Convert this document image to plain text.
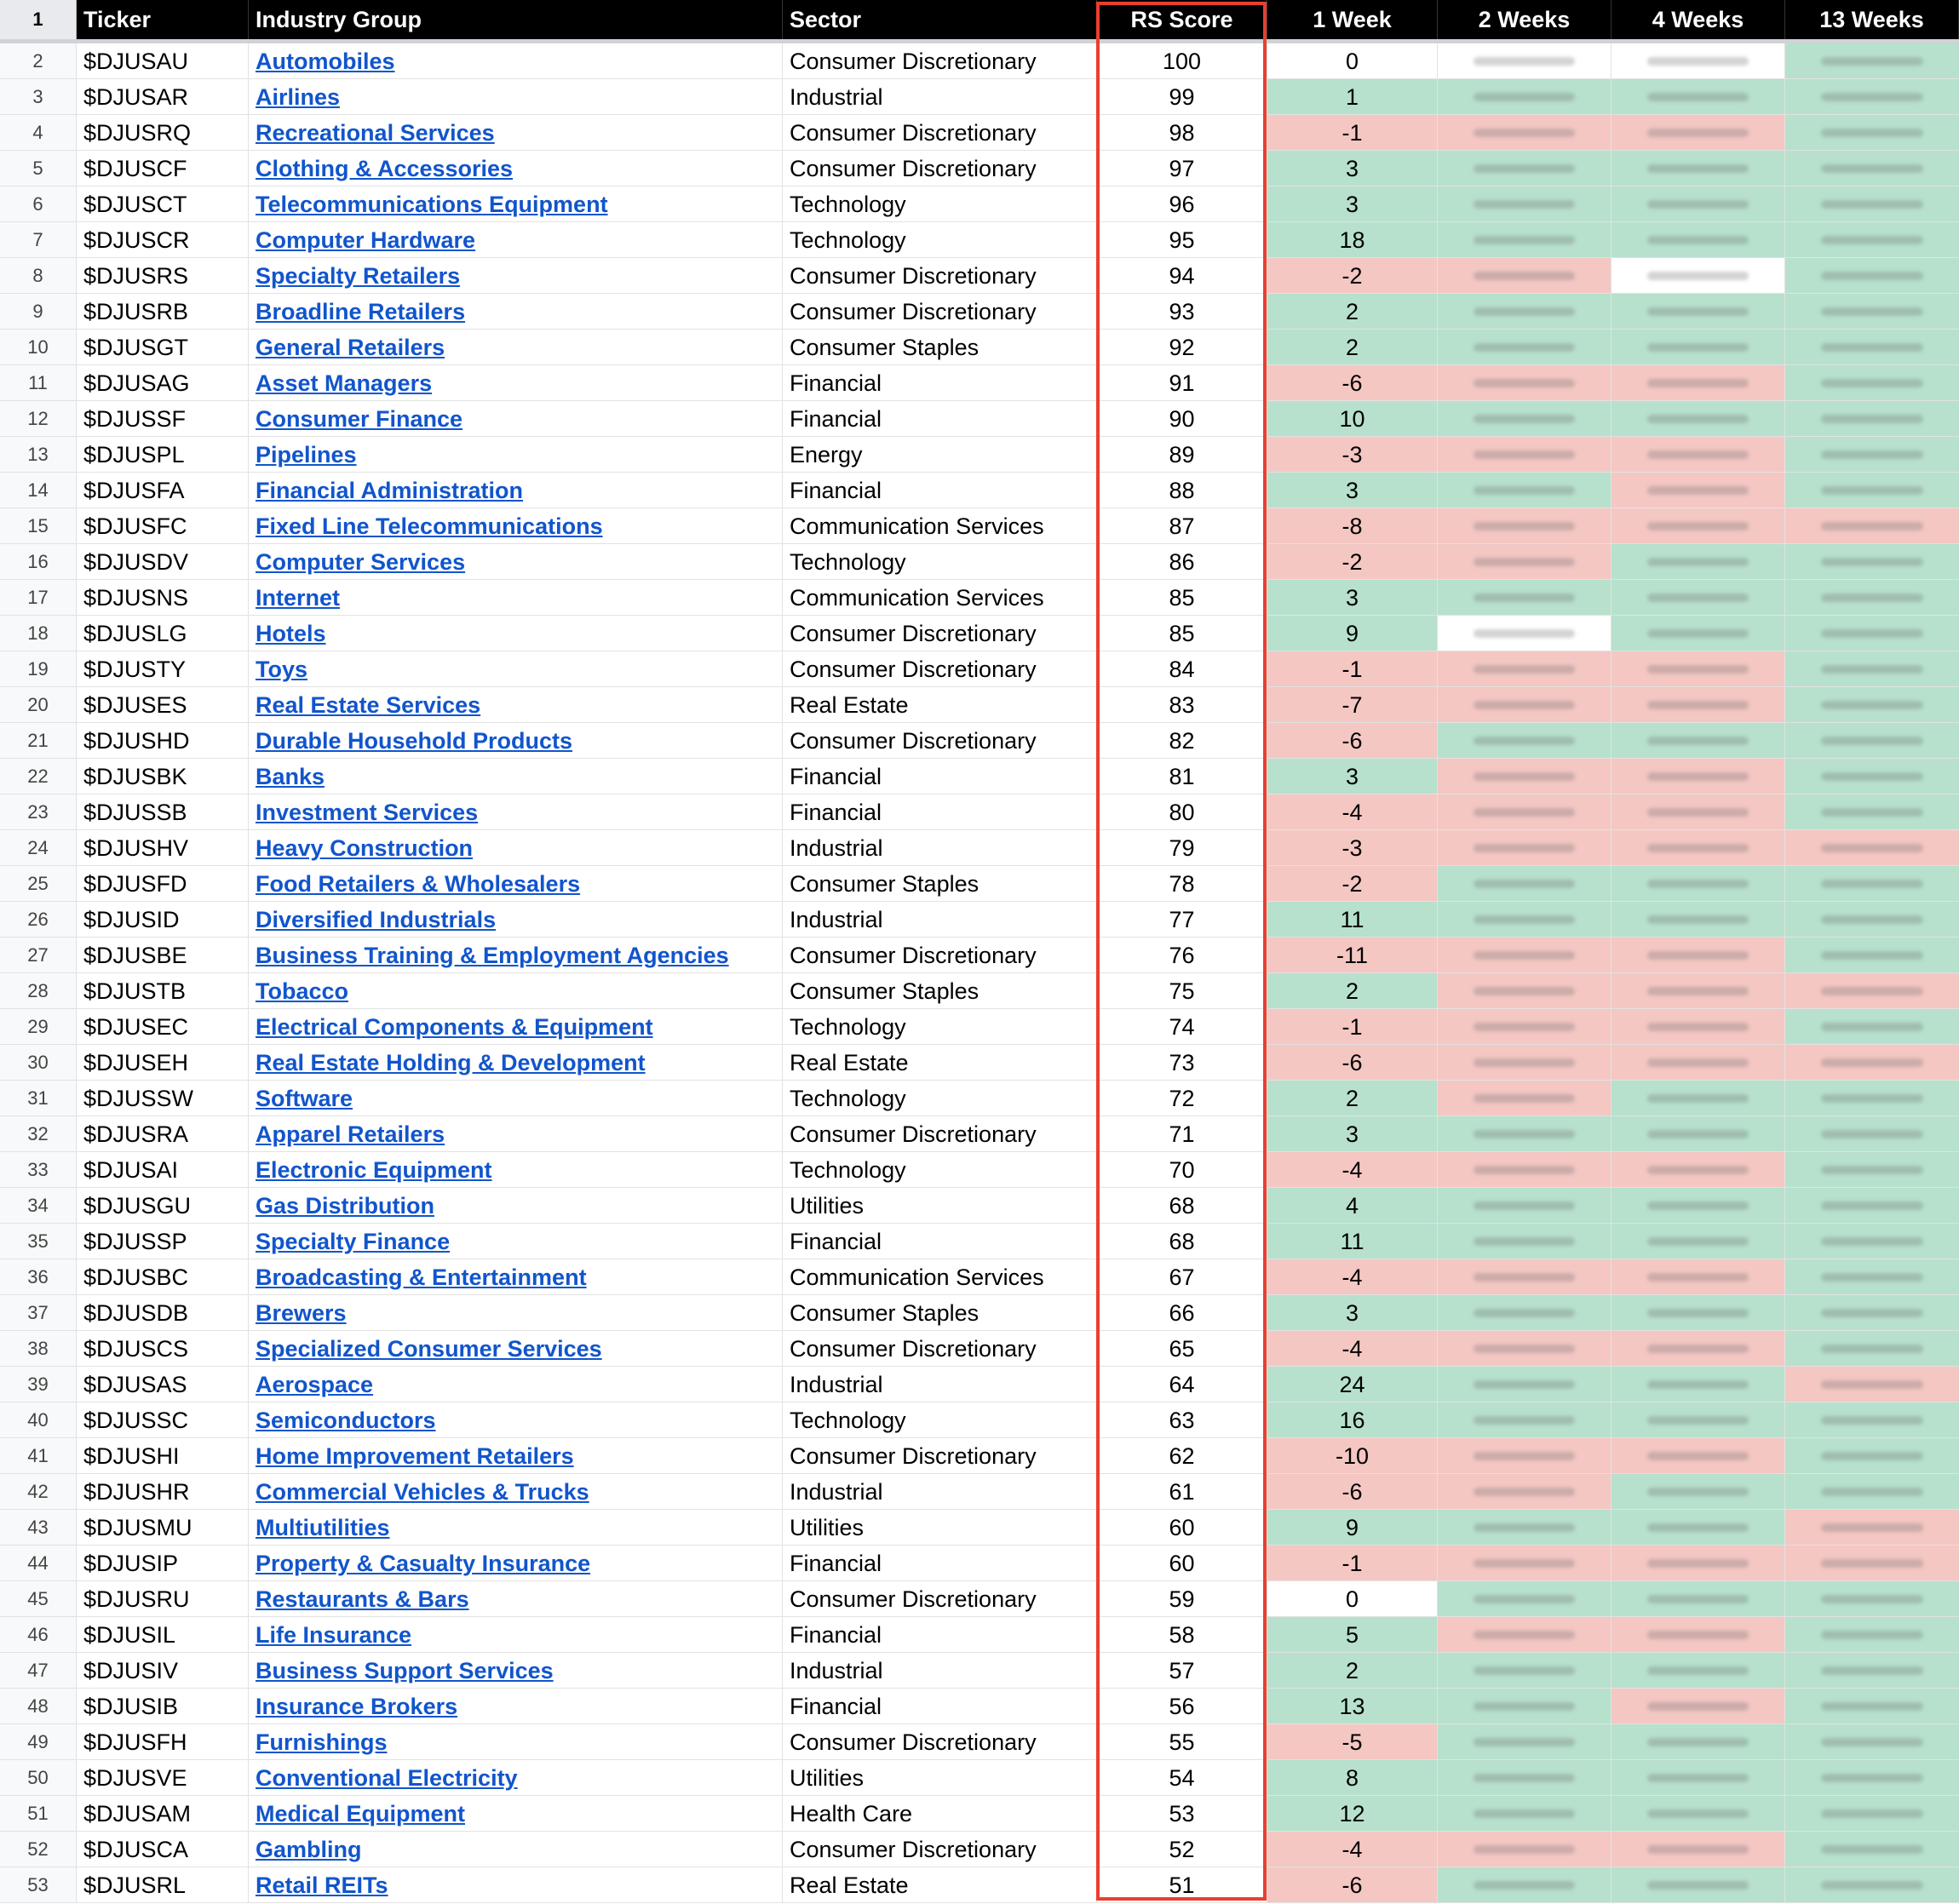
1	Ticker	Industry Group	Sector	RS Score	1 Week	2 Weeks	4 Weeks	13 Weeks
2	$DJUSAU	Automobiles	Consumer Discretionary	100	0
3	$DJUSAR	Airlines	Industrial	99	1
4	$DJUSRQ	Recreational Services	Consumer Discretionary	98	-1
5	$DJUSCF	Clothing & Accessories	Consumer Discretionary	97	3
6	$DJUSCT	Telecommunications Equipment	Technology	96	3
7	$DJUSCR	Computer Hardware	Technology	95	18
8	$DJUSRS	Specialty Retailers	Consumer Discretionary	94	-2
9	$DJUSRB	Broadline Retailers	Consumer Discretionary	93	2
10	$DJUSGT	General Retailers	Consumer Staples	92	2
11	$DJUSAG	Asset Managers	Financial	91	-6
12	$DJUSSF	Consumer Finance	Financial	90	10
13	$DJUSPL	Pipelines	Energy	89	-3
14	$DJUSFA	Financial Administration	Financial	88	3
15	$DJUSFC	Fixed Line Telecommunications	Communication Services	87	-8
16	$DJUSDV	Computer Services	Technology	86	-2
17	$DJUSNS	Internet	Communication Services	85	3
18	$DJUSLG	Hotels	Consumer Discretionary	85	9
19	$DJUSTY	Toys	Consumer Discretionary	84	-1
20	$DJUSES	Real Estate Services	Real Estate	83	-7
21	$DJUSHD	Durable Household Products	Consumer Discretionary	82	-6
22	$DJUSBK	Banks	Financial	81	3
23	$DJUSSB	Investment Services	Financial	80	-4
24	$DJUSHV	Heavy Construction	Industrial	79	-3
25	$DJUSFD	Food Retailers & Wholesalers	Consumer Staples	78	-2
26	$DJUSID	Diversified Industrials	Industrial	77	11
27	$DJUSBE	Business Training & Employment Agencies	Consumer Discretionary	76	-11
28	$DJUSTB	Tobacco	Consumer Staples	75	2
29	$DJUSEC	Electrical Components & Equipment	Technology	74	-1
30	$DJUSEH	Real Estate Holding & Development	Real Estate	73	-6
31	$DJUSSW	Software	Technology	72	2
32	$DJUSRA	Apparel Retailers	Consumer Discretionary	71	3
33	$DJUSAI	Electronic Equipment	Technology	70	-4
34	$DJUSGU	Gas Distribution	Utilities	68	4
35	$DJUSSP	Specialty Finance	Financial	68	11
36	$DJUSBC	Broadcasting & Entertainment	Communication Services	67	-4
37	$DJUSDB	Brewers	Consumer Staples	66	3
38	$DJUSCS	Specialized Consumer Services	Consumer Discretionary	65	-4
39	$DJUSAS	Aerospace	Industrial	64	24
40	$DJUSSC	Semiconductors	Technology	63	16
41	$DJUSHI	Home Improvement Retailers	Consumer Discretionary	62	-10
42	$DJUSHR	Commercial Vehicles & Trucks	Industrial	61	-6
43	$DJUSMU	Multiutilities	Utilities	60	9
44	$DJUSIP	Property & Casualty Insurance	Financial	60	-1
45	$DJUSRU	Restaurants & Bars	Consumer Discretionary	59	0
46	$DJUSIL	Life Insurance	Financial	58	5
47	$DJUSIV	Business Support Services	Industrial	57	2
48	$DJUSIB	Insurance Brokers	Financial	56	13
49	$DJUSFH	Furnishings	Consumer Discretionary	55	-5
50	$DJUSVE	Conventional Electricity	Utilities	54	8
51	$DJUSAM	Medical Equipment	Health Care	53	12
52	$DJUSCA	Gambling	Consumer Discretionary	52	-4
53	$DJUSRL	Retail REITs	Real Estate	51	-6
